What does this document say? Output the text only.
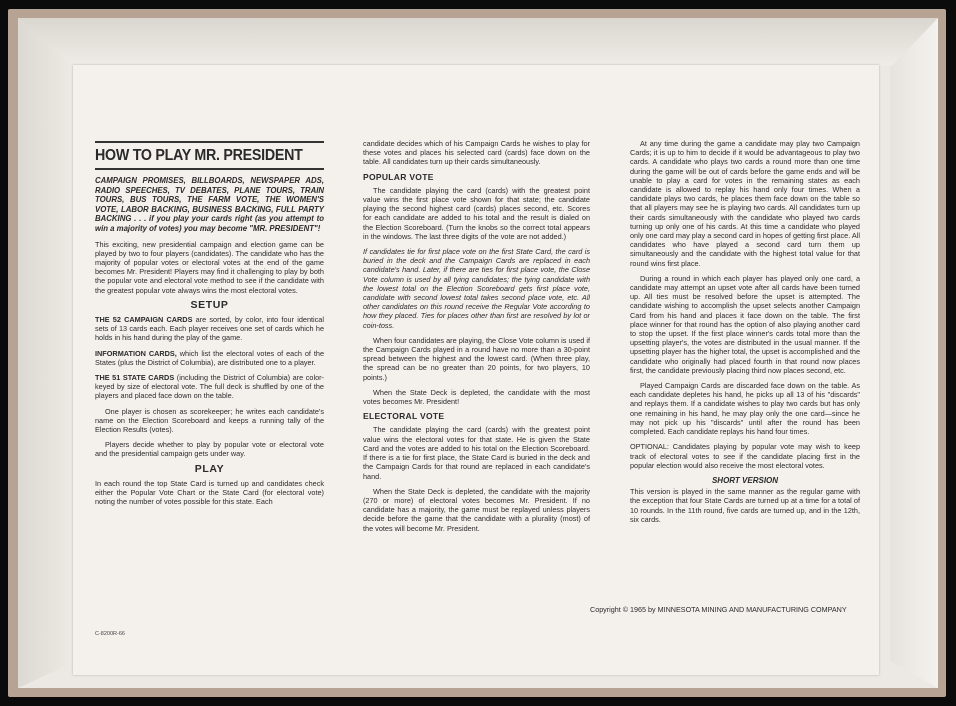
HOW TO PLAY MR. PRESIDENT

CAMPAIGN PROMISES, BILLBOARDS, NEWSPAPER ADS, RADIO SPEECHES, TV DEBATES, PLANE TOURS, TRAIN TOURS, BUS TOURS, THE FARM VOTE, THE WOMEN'S VOTE, LABOR BACKING, BUSINESS BACKING, FULL PARTY BACKING . . . if you play your cards right (as you attempt to win a majority of votes) you may become "MR. PRESIDENT"!

This exciting, new presidential campaign and election game can be played by two to four players (candidates). The candidate who has the majority of popular votes or electoral votes at the end of the game becomes Mr. President! Players may find it challenging to play by both the popular vote and electoral vote method to see if the candidate with the greatest popular vote always wins the most electoral votes.

SETUP

THE 52 CAMPAIGN CARDS are sorted, by color, into four identical sets of 13 cards each. Each player receives one set of cards which he holds in his hand during the play of the game.

INFORMATION CARDS, which list the electoral votes of each of the States (plus the District of Columbia), are distributed one to a player.

THE 51 STATE CARDS (including the District of Columbia) are color-keyed by size of electoral vote. The full deck is shuffled by one of the players and placed face down on the table.

One player is chosen as scorekeeper; he writes each candidate's name on the Election Scoreboard and keeps a running tally of the Election Results (votes).

Players decide whether to play by popular vote or electoral vote and the presidential campaign gets under way.

PLAY

In each round the top State Card is turned up and candidates check either the Popular Vote Chart or the State Card (for electoral vote) noting the number of votes possible for this state. Each

candidate decides which of his Campaign Cards he wishes to play for these votes and places his selected card (cards) face down on the table. All candidates turn up their cards simultaneously.

POPULAR VOTE

The candidate playing the card (cards) with the greatest point value wins the first place vote shown for that state; the candidate playing the second highest card (cards) places second, etc. Scores for each candidate are added to his total and the result is dialed on the Election Scoreboard. (Turn the knobs so the correct total appears in the windows. The last three digits of the vote are not added.)

If candidates tie for first place vote on the first State Card, the card is buried in the deck and the Campaign Cards are replaced in each candidate's hand. Later, if there are ties for first place vote, the Close Vote column is used by all tying candidates; the tying candidate with the lowest total on the Election Scoreboard gets first place vote, candidate with second lowest total takes second place vote, etc. All other candidates on this round receive the Regular Vote according to how they placed. Ties for places other than first are resolved by lot or coin-toss.

When four candidates are playing, the Close Vote column is used if the Campaign Cards played in a round have no more than a 30-point spread between the highest and the lowest card. (When three play, the spread can be no greater than 20 points, for two players, 10 points.)

When the State Deck is depleted, the candidate with the most votes becomes Mr. President!

ELECTORAL VOTE

The candidate playing the card (cards) with the greatest point value wins the electoral votes for that state. He is given the State Card and the votes are added to his total on the Election Scoreboard. If there is a tie for first place, the State Card is buried in the deck and the Campaign Cards for that round are replaced in each candidate's hand.

When the State Deck is depleted, the candidate with the majority (270 or more) of electoral votes becomes Mr. President. If no candidate has a majority, the game must be replayed unless players decide before the game that the candidate with a plurality (most) of the votes will become Mr. President.

At any time during the game a candidate may play two Campaign Cards; it is up to him to decide if it would be advantageous to play two cards. A candidate who plays two cards a round more than one time during the game will be out of cards before the game ends and will be unable to play a card for votes in the remaining states as each candidate is allowed to replay his hand only four times. When a candidate plays two cards, he places them face down on the table so that all players may see he is playing two cards. All candidates turn up their cards simultaneously with the candidate who played two cards turning up only one of his cards. At this time a candidate who played only one card may play a second card in hopes of getting first place. All candidates who have played a second card turn them up simultaneously and the candidate with the highest total value for that round wins first place.

During a round in which each player has played only one card, a candidate may attempt an upset vote after all cards have been turned up. All ties must be resolved before the upset is attempted. The candidate wishing to accomplish the upset selects another Campaign Card from his hand and places it face down on the table. The first place winner for that round has the option of also playing another card to stop the upset. If the first place winner's cards total more than the upsetting player's, the votes are distributed in the usual manner. If the upsetting player has the higher total, the upset is accomplished and the candidate who originally had placed fourth in that round now places first, the candidate previously placing third now places second, etc.

Played Campaign Cards are discarded face down on the table. As each candidate depletes his hand, he picks up all 13 of his "discards" and replays them. If a candidate wishes to play two cards but has only one remaining in his hand, he may play only the one card—since he may not pick up his "discards" until after the round has been completed. Each candidate replays his hand four times.

OPTIONAL: Candidates playing by popular vote may wish to keep track of electoral votes to see if the candidate placing first in the popular election would also receive the most electoral votes.

SHORT VERSION

This version is played in the same manner as the regular game with the exception that four State Cards are turned up at a time for a total of 10 rounds. In the 11th round, five cards are turned up, and in the 12th, six cards.

Copyright © 1965 by MINNESOTA MINING AND MANUFACTURING COMPANY
C-8200R-66
